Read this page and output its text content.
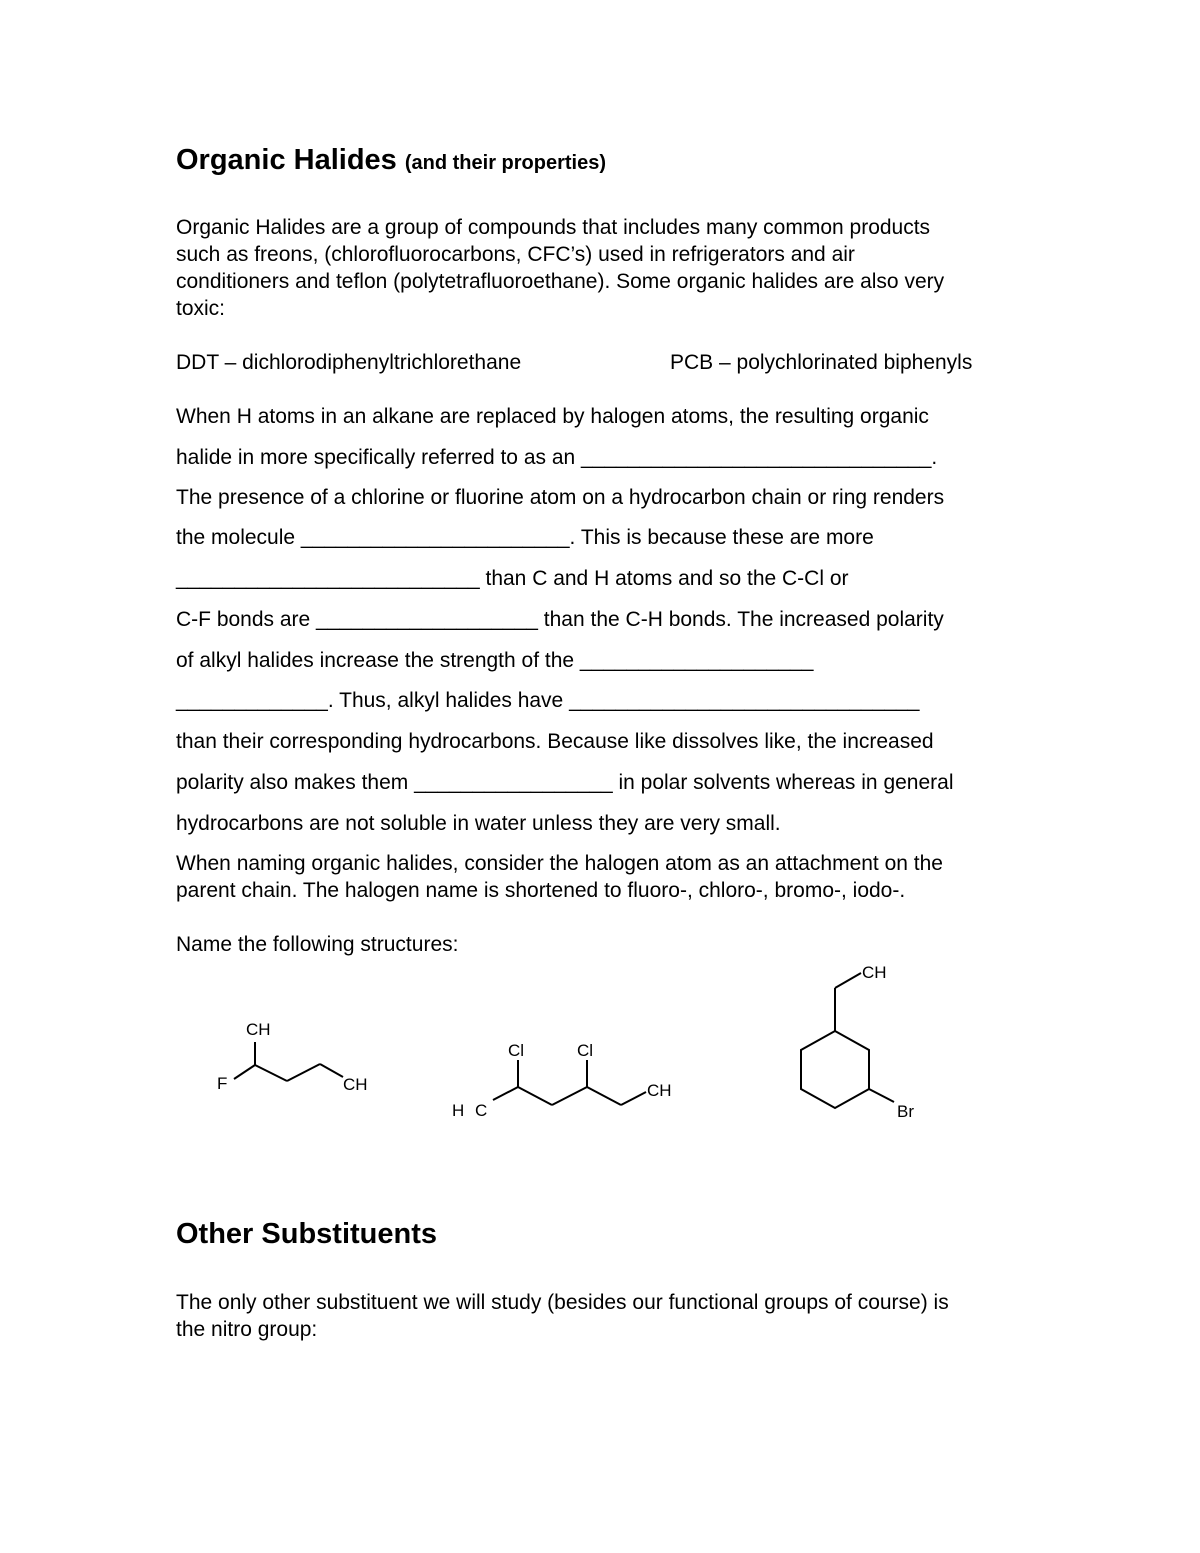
Organic Halides (and their properties)
Organic Halides are a group of compounds that includes many common products
such as freons, (chlorofluorocarbons, CFC’s) used in refrigerators and air
conditioners and teflon (polytetrafluoroethane). Some organic halides are also very
toxic:
DDT – dichlorodiphenyltrichlorethane	PCB – polychlorinated biphenyls
When H atoms in an alkane are replaced by halogen atoms, the resulting organic
halide in more specifically referred to as an ______________________________.
The presence of a chlorine or fluorine atom on a hydrocarbon chain or ring renders
the molecule _______________________. This is because these are more
__________________________ than C and H atoms and so the C-Cl or
C-F bonds are ___________________ than the C-H bonds. The increased polarity
of alkyl halides increase the strength of the ____________________
_____________. Thus, alkyl halides have ______________________________
than their corresponding hydrocarbons. Because like dissolves like, the increased
polarity also makes them _________________ in polar solvents whereas in general
hydrocarbons are not soluble in water unless they are very small.
When naming organic halides, consider the halogen atom as an attachment on the
parent chain. The halogen name is shortened to fluoro-, chloro-, bromo-, iodo-.
Name the following structures:
CH
F	CH
Cl	Cl
H C
CH
CH
Br
Other Substituents
The only other substituent we will study (besides our functional groups of course) is
the nitro group:
